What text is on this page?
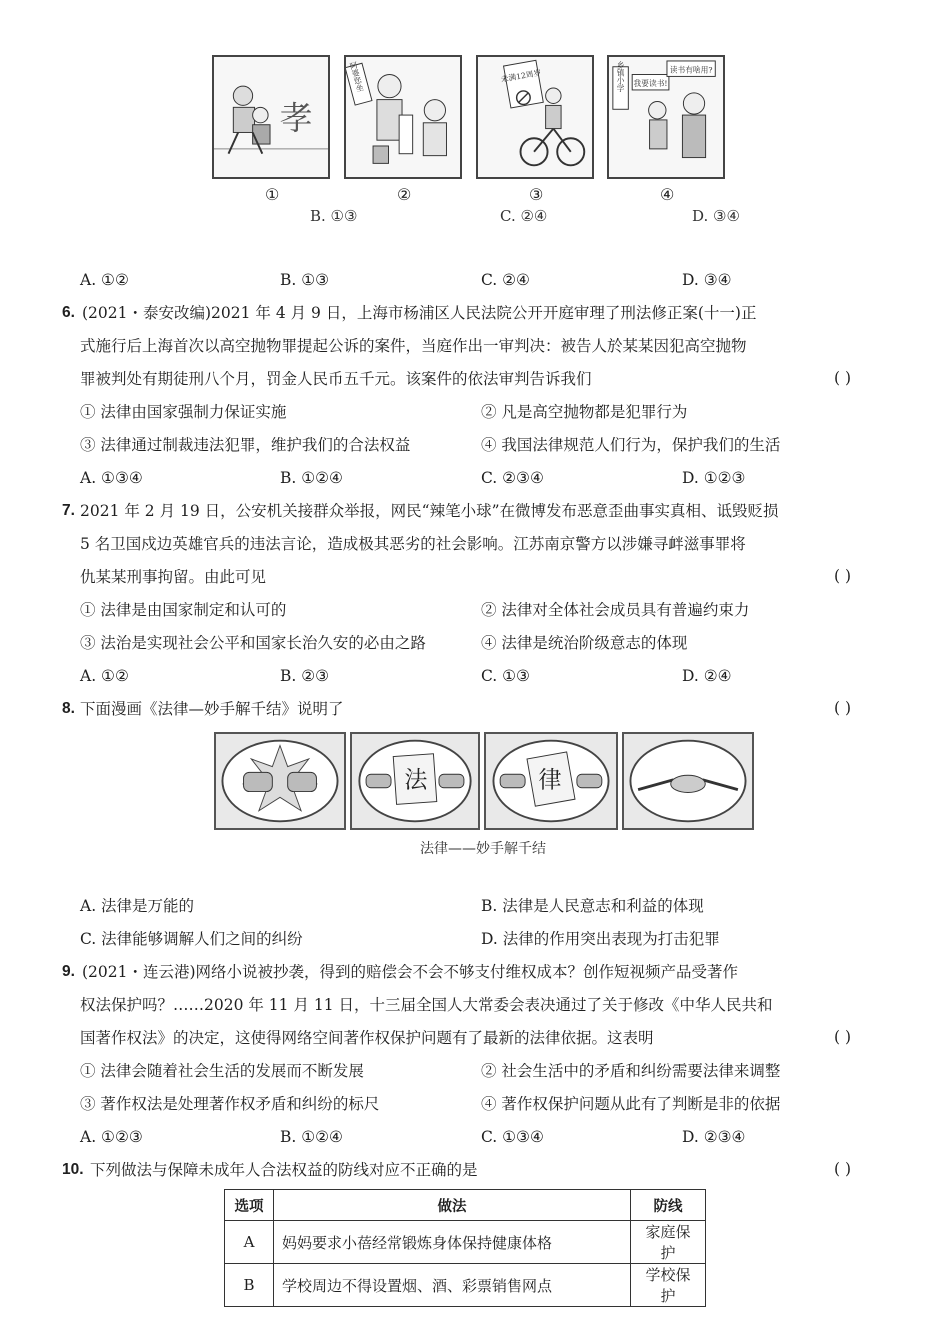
孝
阿婆您坐	未满12周岁	乡镇小学 我要读书!
读书有啥用?
①	②	③	④
B. ①③	C. ②④	D. ③④
A. ①②	B. ①③	C. ②④	D. ③④
6. (2021・泰安改编)2021 年 4 月 9 日，上海市杨浦区人民法院公开开庭审理了刑法修正案(十一)正
式施行后上海首次以高空抛物罪提起公诉的案件，当庭作出一审判决：被告人於某某因犯高空抛物
罪被判处有期徒刑八个月，罚金人民币五千元。该案件的依法审判告诉我们	( )
① 法律由国家强制力保证实施	② 凡是高空抛物都是犯罪行为
③ 法律通过制裁违法犯罪，维护我们的合法权益	④ 我国法律规范人们行为，保护我们的生活
A. ①③④	B. ①②④	C. ②③④	D. ①②③
7. 2021 年 2 月 19 日，公安机关接群众举报，网民“辣笔小球”在微博发布恶意歪曲事实真相、诋毁贬损
5 名卫国戍边英雄官兵的违法言论，造成极其恶劣的社会影响。江苏南京警方以涉嫌寻衅滋事罪将
仇某某刑事拘留。由此可见	( )
① 法律是由国家制定和认可的	② 法律对全体社会成员具有普遍约束力
③ 法治是实现社会公平和国家长治久安的必由之路	④ 法律是统治阶级意志的体现
A. ①②	B. ②③	C. ①③	D. ②④
8. 下面漫画《法律—妙手解千结》说明了	( )
法	律
法律——妙手解千结
A. 法律是万能的	B. 法律是人民意志和利益的体现
C. 法律能够调解人们之间的纠纷	D. 法律的作用突出表现为打击犯罪
9. (2021・连云港)网络小说被抄袭，得到的赔偿会不会不够支付维权成本？创作短视频产品受著作
权法保护吗？……2020 年 11 月 11 日，十三届全国人大常委会表决通过了关于修改《中华人民共和
国著作权法》的决定，这使得网络空间著作权保护问题有了最新的法律依据。这表明	( )
① 法律会随着社会生活的发展而不断发展	② 社会生活中的矛盾和纠纷需要法律来调整
③ 著作权法是处理著作权矛盾和纠纷的标尺	④ 著作权保护问题从此有了判断是非的依据
A. ①②③	B. ①②④	C. ①③④	D. ②③④
10. 下列做法与保障未成年人合法权益的防线对应不正确的是	( )
选项	做法	防线
A	妈妈要求小蓓经常锻炼身体保持健康体格	家庭保护
B	学校周边不得设置烟、酒、彩票销售网点	学校保护
